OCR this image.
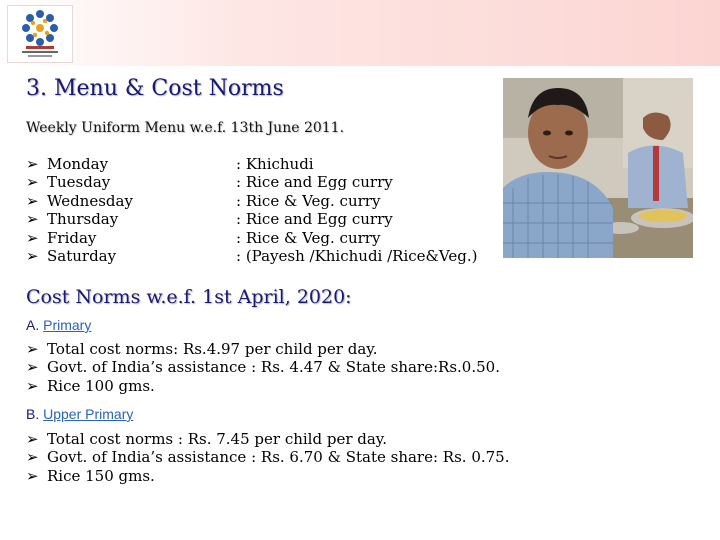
3. Menu & Cost Norms
Weekly Uniform Menu w.e.f. 13th June 2011.
➢ Monday
➢ Tuesday
➢ Wednesday
➢ Thursday
➢ Friday
➢ Saturday
: Khichudi
: Rice and Egg curry
: Rice & Veg. curry
: Rice and Egg curry
: Rice & Veg. curry
: (Payesh /Khichudi /Rice&Veg.)
Cost Norms w.e.f. 1st April, 2020:
A. Primary
➢ Total cost norms: Rs.4.97 per child per day.
➢ Govt. of India’s assistance : Rs. 4.47 & State share:Rs.0.50.
➢ Rice 100 gms.
B. Upper Primary
➢ Total cost norms : Rs. 7.45 per child per day.
➢ Govt. of India’s assistance : Rs. 6.70 & State share: Rs. 0.75.
➢ Rice 150 gms.
